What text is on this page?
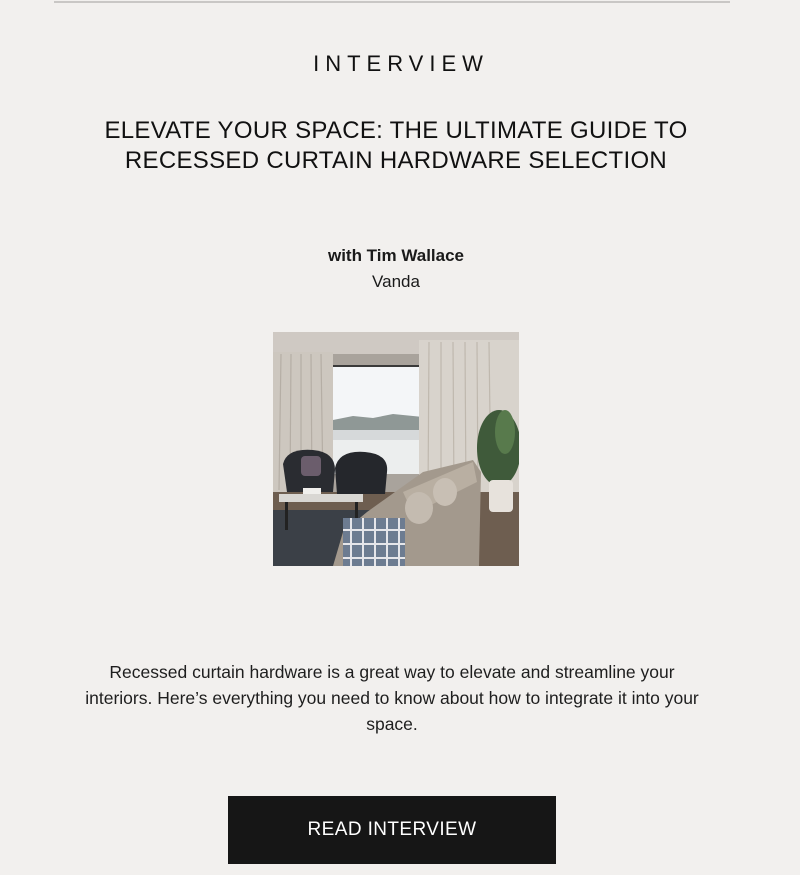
INTERVIEW
ELEVATE YOUR SPACE: THE ULTIMATE GUIDE TO RECESSED CURTAIN HARDWARE SELECTION
with Tim Wallace
Vanda

Recessed curtain hardware is a great way to elevate and streamline your interiors. Here’s everything you need to know about how to integrate it into your space.

READ INTERVIEW
